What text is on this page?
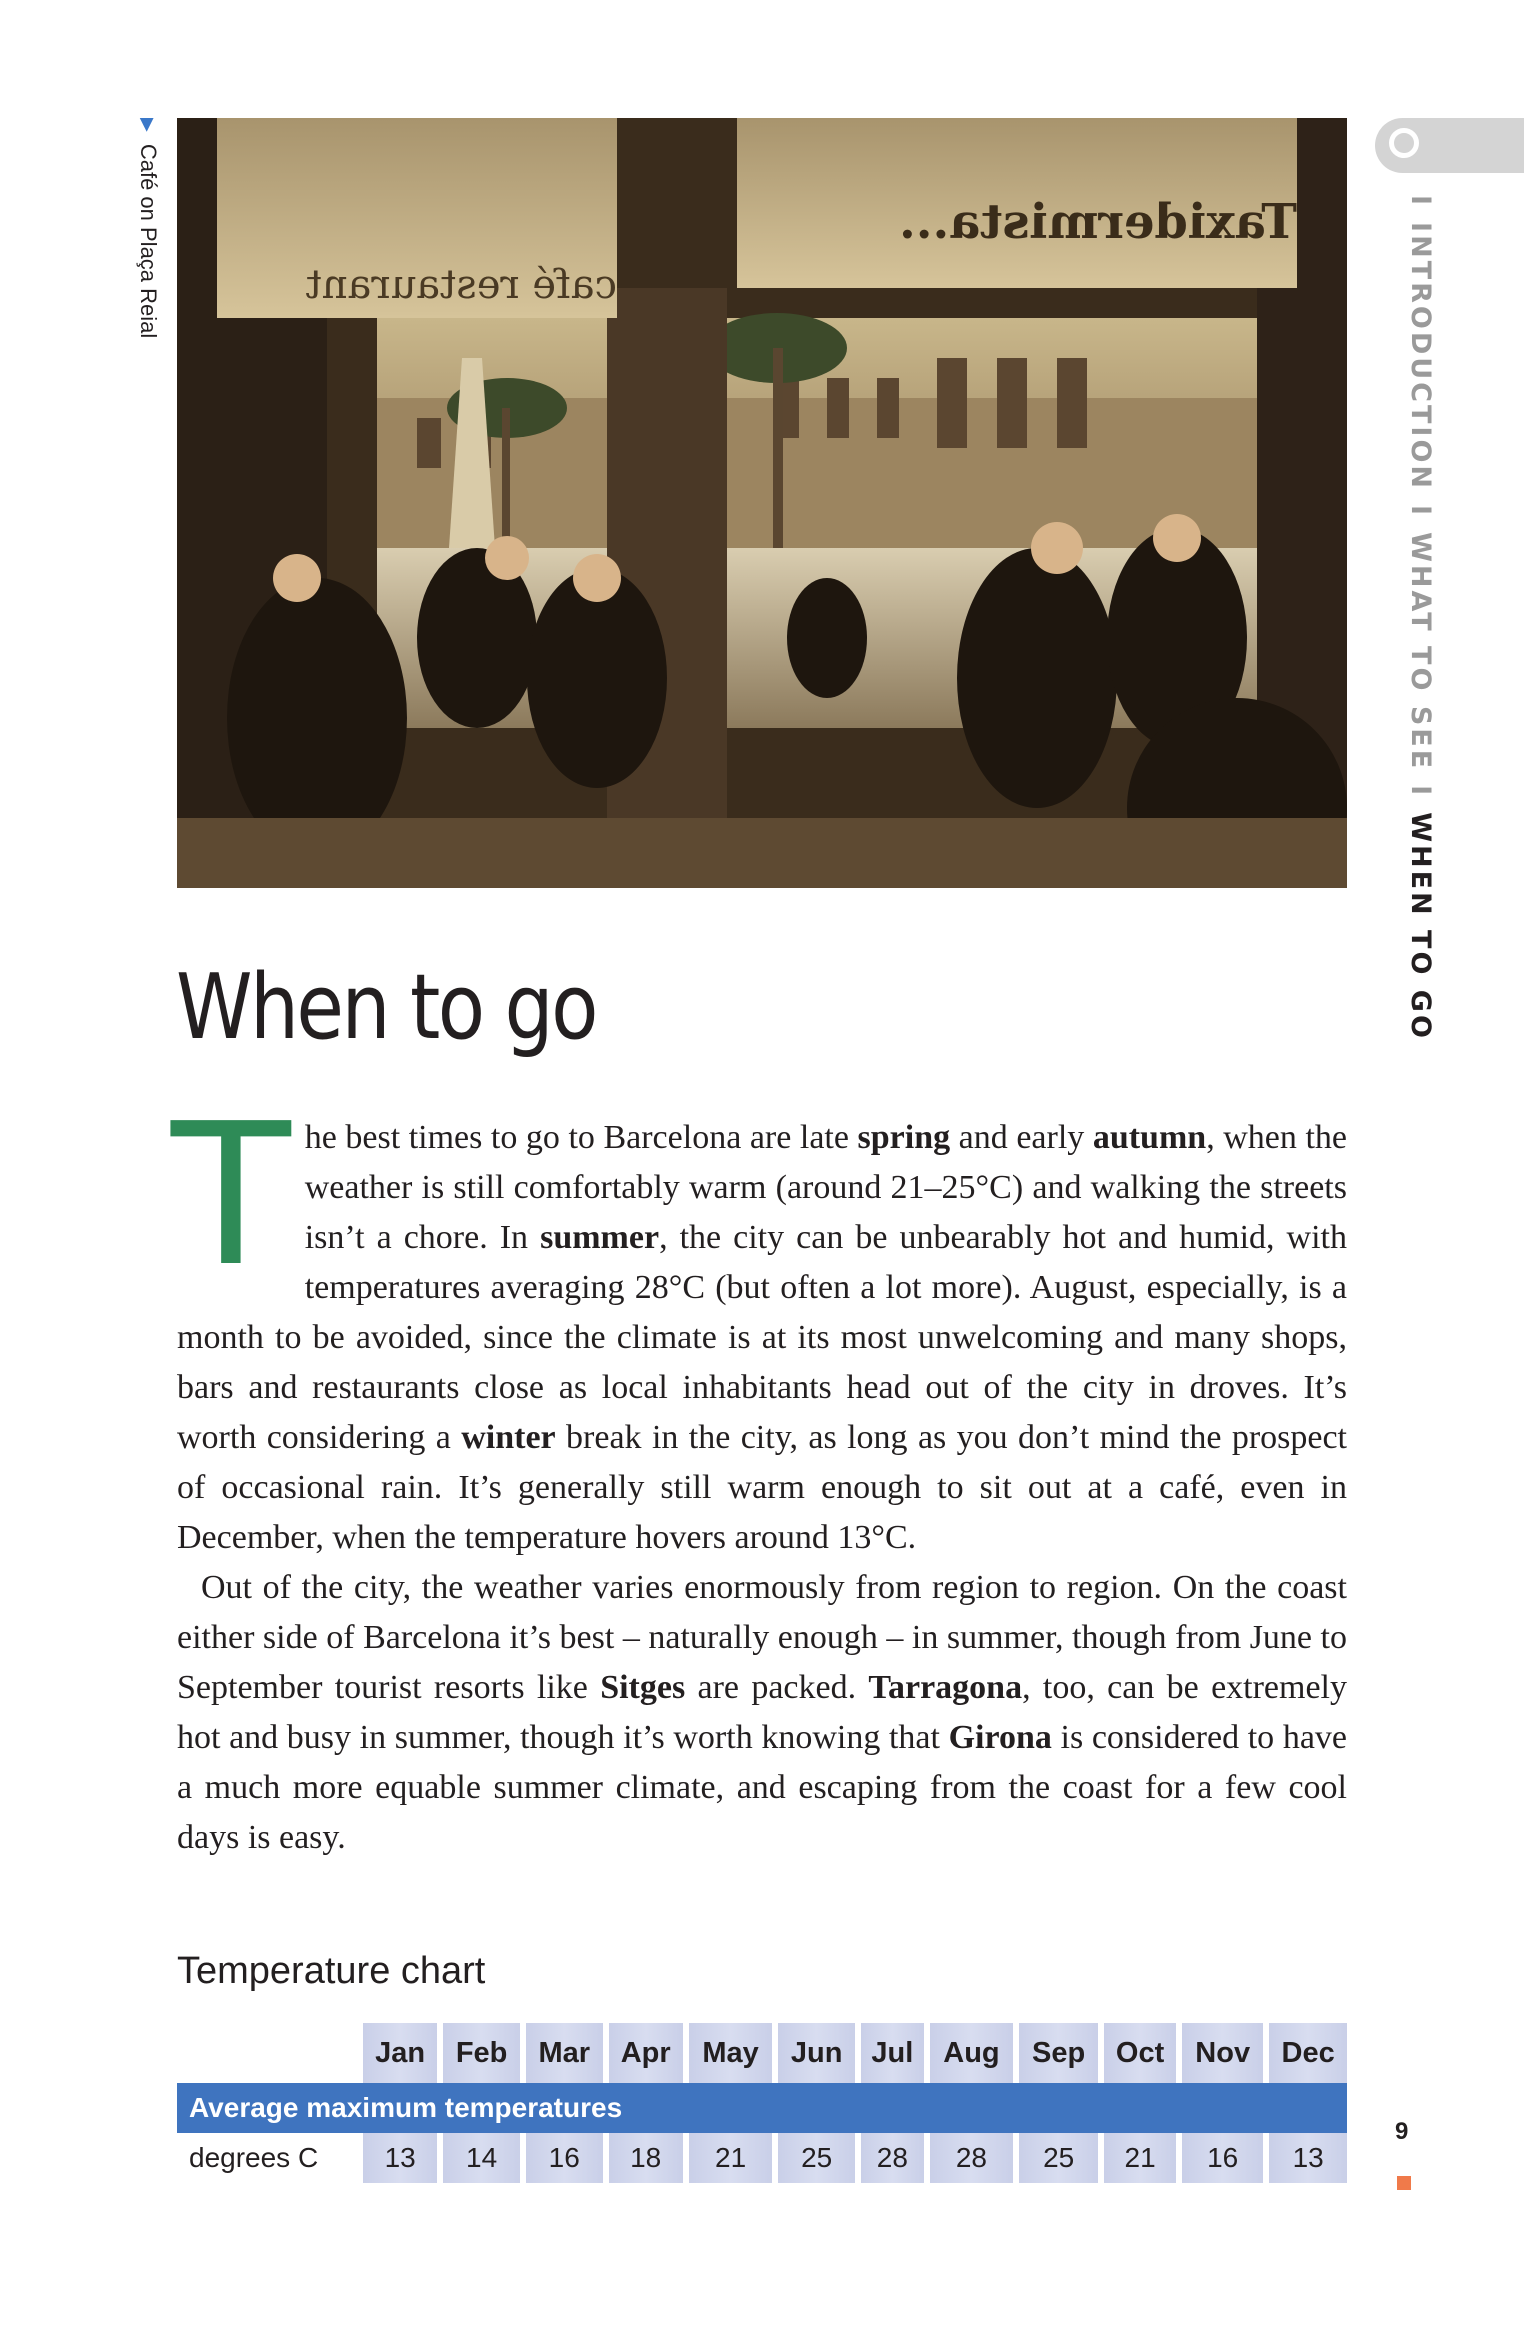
▶
Café on Plaça Reial	café restaurant
Taxidermista...	I
INTRODUCTION
I
WHAT TO SEE
I
WHEN TO GO
When to go

The best times to go to Barcelona are late spring and early autumn, when the weather is still comfortably warm (around 21–25°C) and walking the streets isn’t a chore. In summer, the city can be unbearably hot and humid, with temperatures averaging 28°C (but often a lot more). August, especially, is a month to be avoided, since the climate is at its most unwelcoming and many shops, bars and restaurants close as local inhabitants head out of the city in droves. It’s worth considering a winter break in the city, as long as you don’t mind the prospect of occasional rain. It’s generally still warm enough to sit out at a café, even in December, when the temperature hovers around 13°C.

Out of the city, the weather varies enormously from region to region. On the coast either side of Barcelona it’s best – naturally enough – in summer, though from June to September tourist resorts like Sitges are packed. Tarragona, too, can be extremely hot and busy in summer, though it’s worth knowing that Girona is considered to have a much more equable summer climate, and escaping from the coast for a few cool days is easy.

Temperature chart
	Jan	Feb	Mar	Apr	May	Jun	Jul	Aug	Sep	Oct	Nov	Dec
Average maximum temperatures												
degrees C	13	14	16	18	21	25	28	28	25	21	16	13
9
